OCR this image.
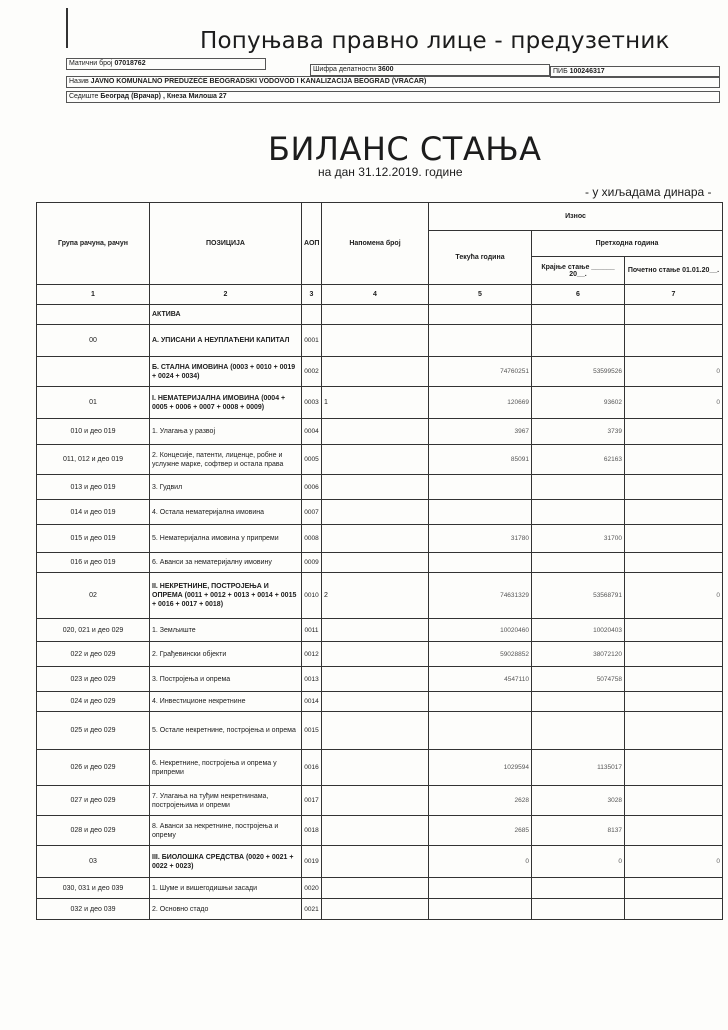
Попуњава правно лице - предузетник
Матични број 07018762
Шифра делатности 3600	ПИБ 100246317
Назив JAVNO KOMUNALNO PREDUZEĆE BEOGRADSKI VODOVOD I KANALIZACIJA BEOGRAD (VRAČAR)
Седиште Београд (Врачар) , Кнеза Милоша 27
БИЛАНС СТАЊА
на дан 31.12.2019. године
- у хиљадама динара -
Група рачуна, рачун	ПОЗИЦИЈА	АОП	Напомена број	Износ		
				Текућа година	Претходна година	
					Крајње стање ______ 20__.	Почетно стање 01.01.20__.
1	2	3	4	5	6	7
	АКТИВА					
00	А. УПИСАНИ А НЕУПЛАЋЕНИ КАПИТАЛ	0001				
	Б. СТАЛНА ИМОВИНА (0003 + 0010 + 0019 + 0024 + 0034)	0002		74760251	53599526	0
01	I. НЕМАТЕРИЈАЛНА ИМОВИНА (0004 + 0005 + 0006 + 0007 + 0008 + 0009)	0003	1	120669	93602	0
010 и део 019	1. Улагања у развој	0004		3967	3739	
011, 012 и део 019	2. Концесије, патенти, лиценце, робне и услужне марке, софтвер и остала права	0005		85091	62163	
013 и део 019	3. Гудвил	0006				
014 и део 019	4. Остала нематеријална имовина	0007				
015 и део 019	5. Нематеријална имовина у припреми	0008		31780	31700	
016 и део 019	6. Аванси за нематеријалну имовину	0009				
02	II. НЕКРЕТНИНЕ, ПОСТРОЈЕЊА И ОПРЕМА (0011 + 0012 + 0013 + 0014 + 0015 + 0016 + 0017 + 0018)	0010	2	74631329	53568791	0
020, 021 и део 029	1. Земљиште	0011		10020460	10020403	
022 и део 029	2. Грађевински објекти	0012		59028852	38072120	
023 и део 029	3. Постројења и опрема	0013		4547110	5074758	
024 и део 029	4. Инвестиционе некретнине	0014				
025 и део 029	5. Остале некретнине, постројења и опрема	0015				
026 и део 029	6. Некретнине, постројења и опрема у припреми	0016		1029594	1135017	
027 и део 029	7. Улагања на туђим некретнинама, постројењима и опреми	0017		2628	3028	
028 и део 029	8. Аванси за некретнине, постројења и опрему	0018		2685	8137	
03	III. БИОЛОШКА СРЕДСТВА (0020 + 0021 + 0022 + 0023)	0019		0	0	0
030, 031 и део 039	1. Шуме и вишегодишњи засади	0020				
032 и део 039	2. Основно стадо	0021				
